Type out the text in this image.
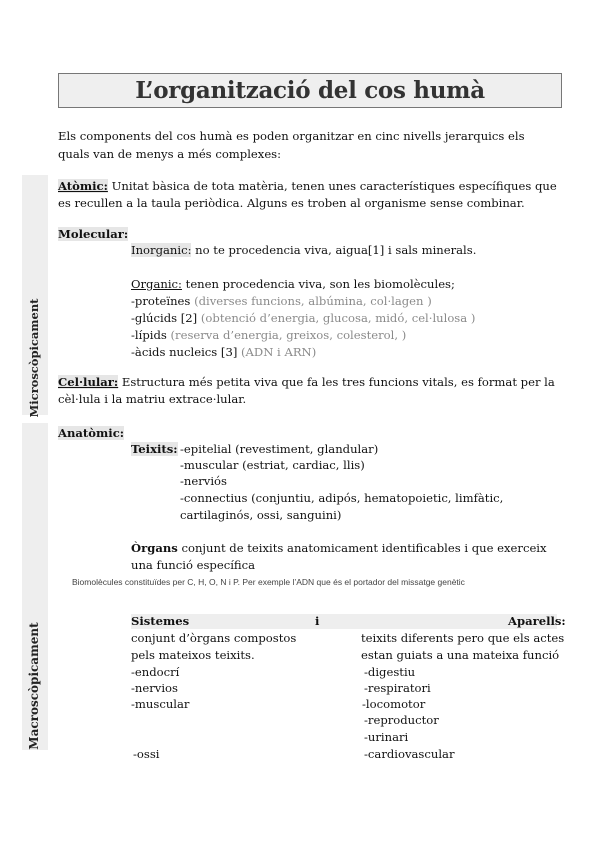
L’organització del cos humà
Els components del cos humà es poden organitzar en cinc nivells jerarquics els quals van de menys a més complexes:
Microscòpicament
Macroscòpicament
Atòmic: Unitat bàsica de tota matèria, tenen unes característiques específiques que es recullen a la taula periòdica. Alguns es troben al organisme sense combinar.
Molecular:
Inorganic: no te procedencia viva, aigua[1] i sals minerals.
Organic: tenen procedencia viva, son les biomolècules;
-proteïnes (diverses funcions, albúmina, col·lagen )
-glúcids [2] (obtenció d’energia, glucosa, midó, cel·lulosa )
-lípids (reserva d’energia, greixos, colesterol, )
-àcids nucleics [3] (ADN i ARN)
Cel·lular: Estructura més petita viva que fa les tres funcions vitals, es format per la cèl·lula i la matriu extrace·lular.
Anatòmic:
Teixits: -epitelial (revestiment, glandular)
-muscular (estriat, cardiac, llis)
-nerviós
-connectius (conjuntiu, adipós, hematopoietic, limfàtic,
cartilaginós, ossi, sanguini)
Òrgans conjunt de teixits anatomicament identificables i que exerceix una funció específica
Biomolècules constituïdes per C, H, O, N i P. Per exemple l’ADN que és el portador del missatge genètic
Sistemes	i	Aparells:
conjunt d’òrgans compostos
pels mateixos teixits.
teixits diferents pero que els actes
estan guiats a una mateixa funció
-endocrí
-nervios
-muscular
-ossi
-digestiu
-respiratori
-locomotor
-reproductor
-urinari
-cardiovascular
